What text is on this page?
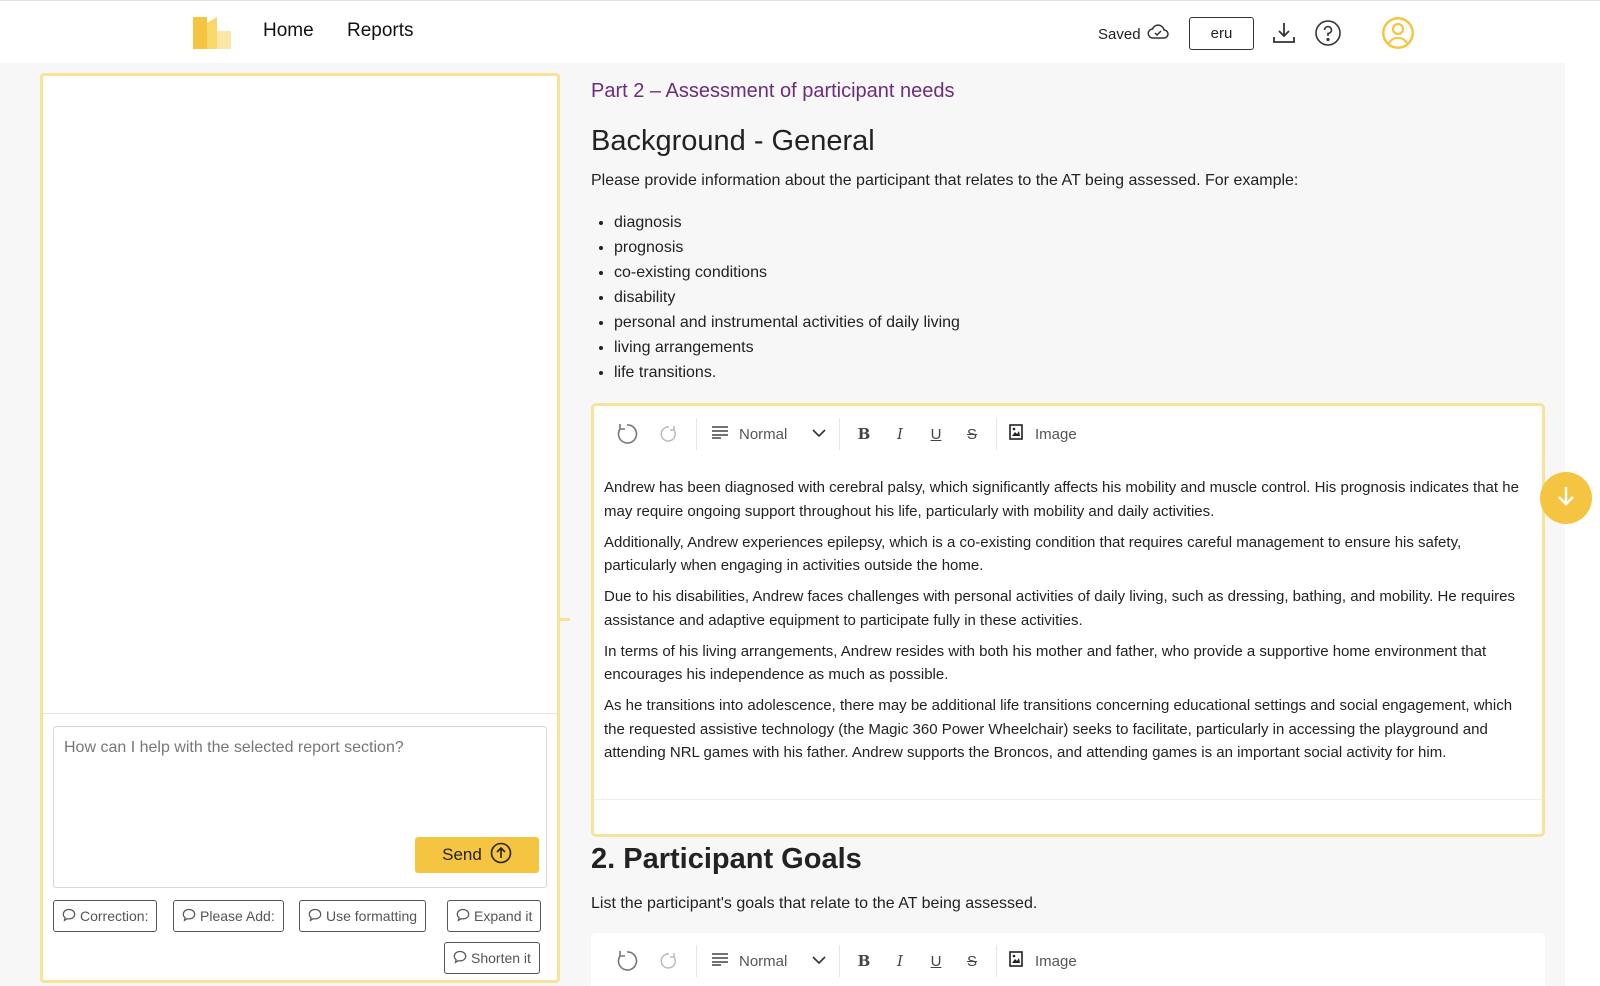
Home Reports	Saved	eru
How can I help with the selected report section?
Send
Correction:	Please Add:	Use formatting	Expand it
Shorten it
Part 2 – Assessment of participant needs
Background - General

Please provide information about the participant that relates to the AT being assessed. For example:

• diagnosis
• prognosis
• co-existing conditions
• disability
• personal and instrumental activities of daily living
• living arrangements
• life transitions.
Normal	B	I	U	S	Image

Andrew has been diagnosed with cerebral palsy, which significantly affects his mobility and muscle control. His prognosis indicates that he may require ongoing support throughout his life, particularly with mobility and daily activities.

Additionally, Andrew experiences epilepsy, which is a co-existing condition that requires careful management to ensure his safety, particularly when engaging in activities outside the home.

Due to his disabilities, Andrew faces challenges with personal activities of daily living, such as dressing, bathing, and mobility. He requires assistance and adaptive equipment to participate fully in these activities.

In terms of his living arrangements, Andrew resides with both his mother and father, who provide a supportive home environment that encourages his independence as much as possible.

As he transitions into adolescence, there may be additional life transitions concerning educational settings and social engagement, which the requested assistive technology (the Magic 360 Power Wheelchair) seeks to facilitate, particularly in accessing the playground and attending NRL games with his father. Andrew supports the Broncos, and attending games is an important social activity for him.

2. Participant Goals

List the participant's goals that relate to the AT being assessed.

Normal	B	I	U	S	Image
